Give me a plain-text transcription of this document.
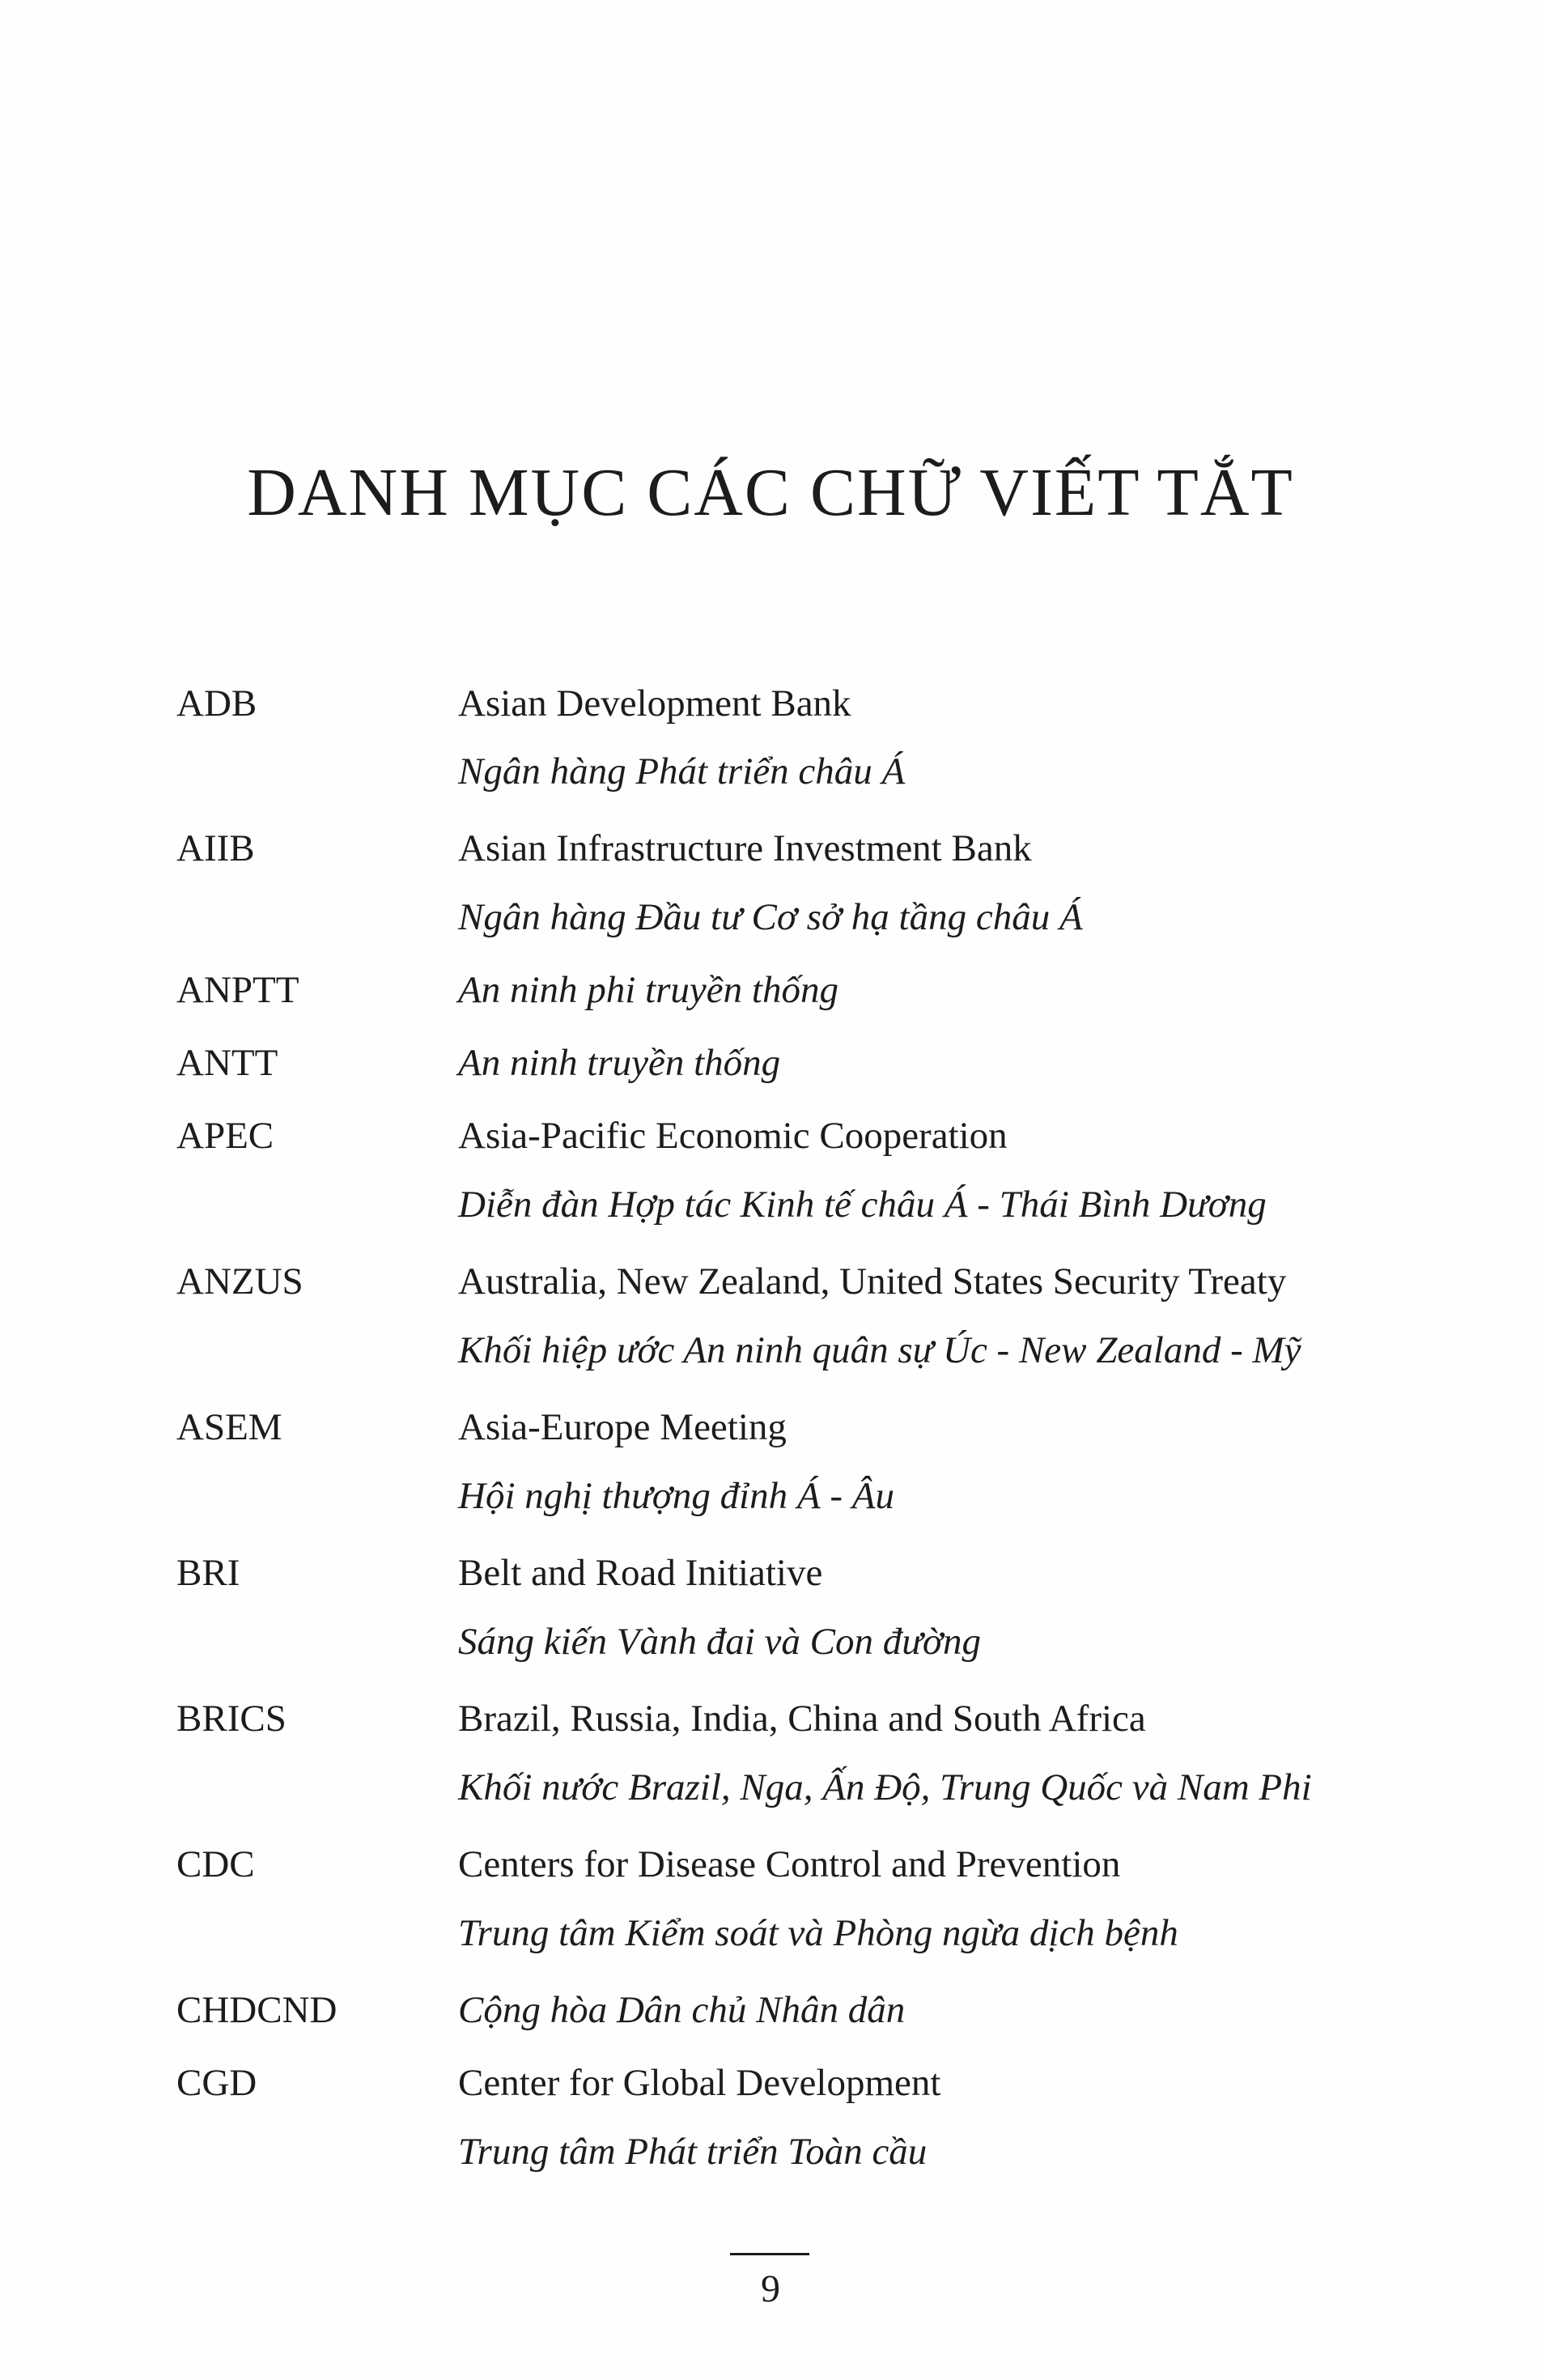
DANH MỤC CÁC CHỮ VIẾT TẮT
ADB	Asian Development Bank
Ngân hàng Phát triển châu Á
AIIB	Asian Infrastructure Investment Bank
Ngân hàng Đầu tư Cơ sở hạ tầng châu Á
ANPTT	An ninh phi truyền thống
ANTT	An ninh truyền thống
APEC	Asia-Pacific Economic Cooperation
Diễn đàn Hợp tác Kinh tế châu Á - Thái Bình Dương
ANZUS	Australia, New Zealand, United States Security Treaty
Khối hiệp ước An ninh quân sự Úc - New Zealand - Mỹ
ASEM	Asia-Europe Meeting
Hội nghị thượng đỉnh Á - Âu
BRI	Belt and Road Initiative
Sáng kiến Vành đai và Con đường
BRICS	Brazil, Russia, India, China and South Africa
Khối nước Brazil, Nga, Ấn Độ, Trung Quốc và Nam Phi
CDC	Centers for Disease Control and Prevention
Trung tâm Kiểm soát và Phòng ngừa dịch bệnh
CHDCND	Cộng hòa Dân chủ Nhân dân
CGD	Center for Global Development
Trung tâm Phát triển Toàn cầu
9
